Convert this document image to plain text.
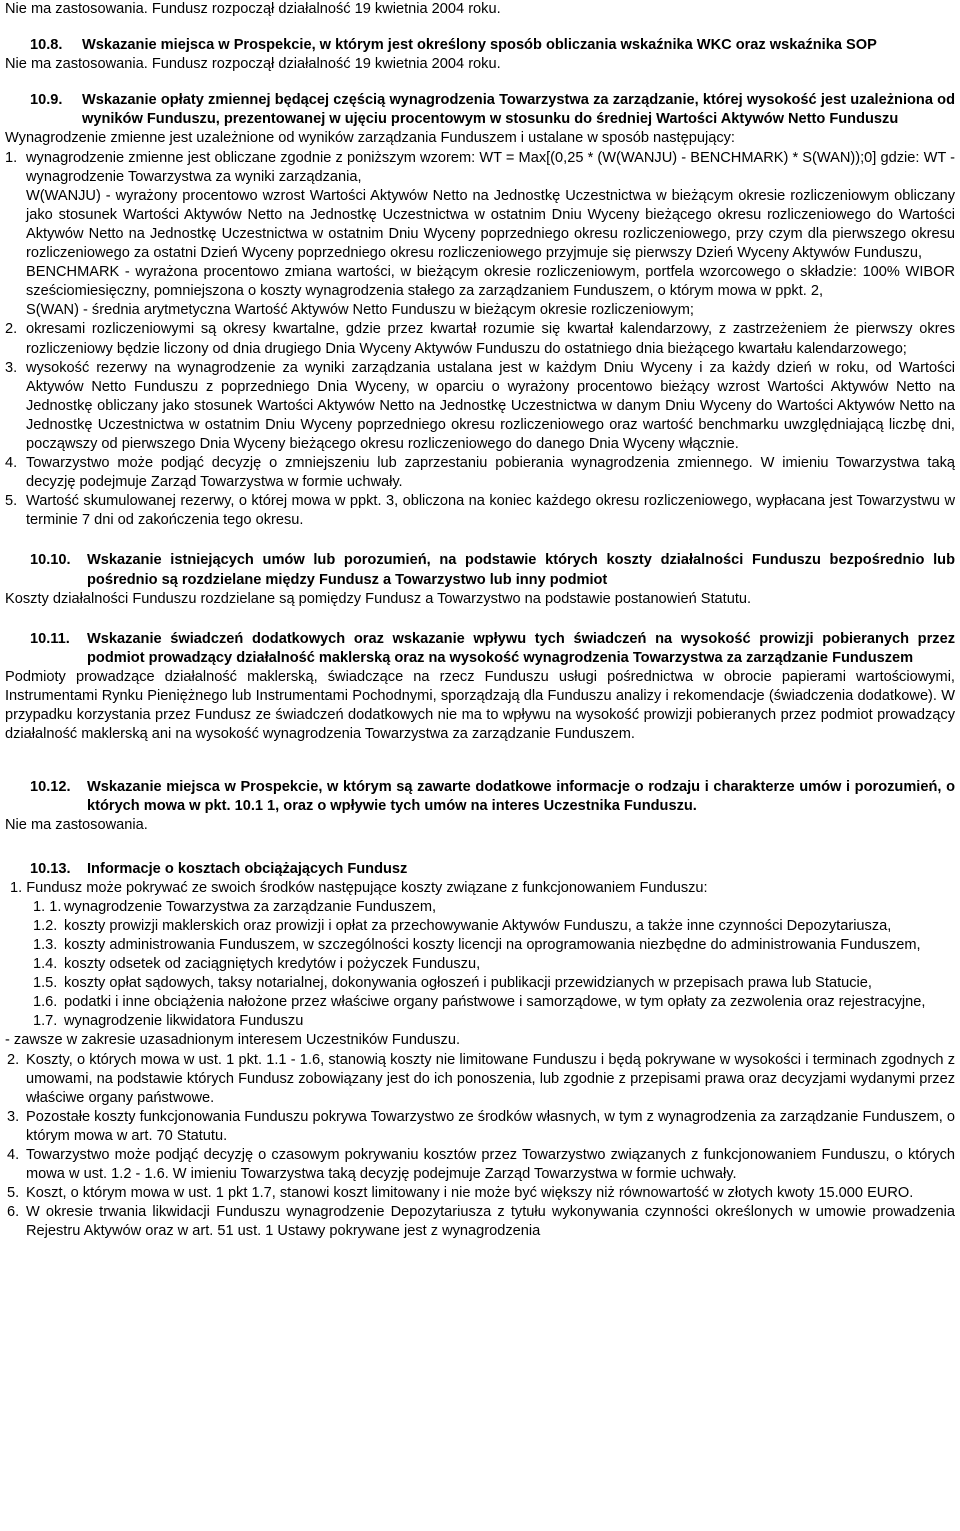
Nie ma zastosowania. Fundusz rozpoczął działalność 19 kwietnia 2004 roku.

10.8.	Wskazanie miejsca w Prospekcie, w którym jest określony sposób obliczania wskaźnika WKC oraz wskaźnika SOP

Nie ma zastosowania. Fundusz rozpoczął działalność 19 kwietnia 2004 roku.

10.9.	Wskazanie opłaty zmiennej będącej częścią wynagrodzenia Towarzystwa za zarządzanie, której wysokość jest uzależniona od wyników Funduszu, prezentowanej w ujęciu procentowym w stosunku do średniej Wartości Aktywów Netto Funduszu

Wynagrodzenie zmienne jest uzależnione od wyników zarządzania Funduszem i ustalane w sposób następujący:

1. wynagrodzenie zmienne jest obliczane zgodnie z poniższym wzorem: WT = Max[(0,25 * (W(WANJU) - BENCHMARK) * S(WAN));0] gdzie: WT - wynagrodzenie Towarzystwa za wyniki zarządzania,

W(WANJU) - wyrażony procentowo wzrost Wartości Aktywów Netto na Jednostkę Uczestnictwa w bieżącym okresie rozliczeniowym obliczany jako stosunek Wartości Aktywów Netto na Jednostkę Uczestnictwa w ostatnim Dniu Wyceny bieżącego okresu rozliczeniowego do Wartości Aktywów Netto na Jednostkę Uczestnictwa w ostatnim Dniu Wyceny poprzedniego okresu rozliczeniowego, przy czym dla pierwszego okresu rozliczeniowego za ostatni Dzień Wyceny poprzedniego okresu rozliczeniowego przyjmuje się pierwszy Dzień Wyceny Aktywów Funduszu,

BENCHMARK - wyrażona procentowo zmiana wartości, w bieżącym okresie rozliczeniowym, portfela wzorcowego o składzie: 100% WIBOR sześciomiesięczny, pomniejszona o koszty wynagrodzenia stałego za zarządzaniem Funduszem, o którym mowa w ppkt. 2,

S(WAN) - średnia arytmetyczna Wartość Aktywów Netto Funduszu w bieżącym okresie rozliczeniowym;

2. okresami rozliczeniowymi są okresy kwartalne, gdzie przez kwartał rozumie się kwartał kalendarzowy, z zastrzeżeniem że pierwszy okres rozliczeniowy będzie liczony od dnia drugiego Dnia Wyceny Aktywów Funduszu do ostatniego dnia bieżącego kwartału kalendarzowego;
3. wysokość rezerwy na wynagrodzenie za wyniki zarządzania ustalana jest w każdym Dniu Wyceny i za każdy dzień w roku, od Wartości Aktywów Netto Funduszu z poprzedniego Dnia Wyceny, w oparciu o wyrażony procentowo bieżący wzrost Wartości Aktywów Netto na Jednostkę obliczany jako stosunek Wartości Aktywów Netto na Jednostkę Uczestnictwa w danym Dniu Wyceny do Wartości Aktywów Netto na Jednostkę Uczestnictwa w ostatnim Dniu Wyceny poprzedniego okresu rozliczeniowego oraz wartość benchmarku uwzględniającą liczbę dni, począwszy od pierwszego Dnia Wyceny bieżącego okresu rozliczeniowego do danego Dnia Wyceny włącznie.
4. Towarzystwo może podjąć decyzję o zmniejszeniu lub zaprzestaniu pobierania wynagrodzenia zmiennego. W imieniu Towarzystwa taką decyzję podejmuje Zarząd Towarzystwa w formie uchwały.
5. Wartość skumulowanej rezerwy, o której mowa w ppkt. 3, obliczona na koniec każdego okresu rozliczeniowego, wypłacana jest Towarzystwu w terminie 7 dni od zakończenia tego okresu.
10.10.	Wskazanie istniejących umów lub porozumień, na podstawie których koszty działalności Funduszu bezpośrednio lub pośrednio są rozdzielane między Fundusz a Towarzystwo lub inny podmiot

Koszty działalności Funduszu rozdzielane są pomiędzy Fundusz a Towarzystwo na podstawie postanowień Statutu.

10.11.	Wskazanie świadczeń dodatkowych oraz wskazanie wpływu tych świadczeń na wysokość prowizji pobieranych przez podmiot prowadzący działalność maklerską oraz na wysokość wynagrodzenia Towarzystwa za zarządzanie Funduszem

Podmioty prowadzące działalność maklerską, świadczące na rzecz Funduszu usługi pośrednictwa w obrocie papierami wartościowymi, Instrumentami Rynku Pieniężnego lub Instrumentami Pochodnymi, sporządzają dla Funduszu analizy i rekomendacje (świadczenia dodatkowe). W przypadku korzystania przez Fundusz ze świadczeń dodatkowych nie ma to wpływu na wysokość prowizji pobieranych przez podmiot prowadzący działalność maklerską ani na wysokość wynagrodzenia Towarzystwa za zarządzanie Funduszem.

10.12.	Wskazanie miejsca w Prospekcie, w którym są zawarte dodatkowe informacje o rodzaju i charakterze umów i porozumień, o których mowa w pkt. 10.1 1, oraz o wpływie tych umów na interes Uczestnika Funduszu.

Nie ma zastosowania.

10.13.	Informacje o kosztach obciążających Fundusz

1. Fundusz może pokrywać ze swoich środków następujące koszty związane z funkcjonowaniem Funduszu:

1. 1. wynagrodzenie Towarzystwa za zarządzanie Funduszem,
1.2. koszty prowizji maklerskich oraz prowizji i opłat za przechowywanie Aktywów Funduszu, a także inne czynności Depozytariusza,
1.3. koszty administrowania Funduszem, w szczególności koszty licencji na oprogramowania niezbędne do administrowania Funduszem,
1.4. koszty odsetek od zaciągniętych kredytów i pożyczek Funduszu,
1.5. koszty opłat sądowych, taksy notarialnej, dokonywania ogłoszeń i publikacji przewidzianych w przepisach prawa lub Statucie,
1.6. podatki i inne obciążenia nałożone przez właściwe organy państwowe i samorządowe, w tym opłaty za zezwolenia oraz rejestracyjne,
1.7. wynagrodzenie likwidatora Funduszu

- zawsze w zakresie uzasadnionym interesem Uczestników Funduszu.

2. Koszty, o których mowa w ust. 1 pkt. 1.1 - 1.6, stanowią koszty nie limitowane Funduszu i będą pokrywane w wysokości i terminach zgodnych z umowami, na podstawie których Fundusz zobowiązany jest do ich ponoszenia, lub zgodnie z przepisami prawa oraz decyzjami wydanymi przez właściwe organy państwowe.
3. Pozostałe koszty funkcjonowania Funduszu pokrywa Towarzystwo ze środków własnych, w tym z wynagrodzenia za zarządzanie Funduszem, o którym mowa w art. 70 Statutu.
4. Towarzystwo może podjąć decyzję o czasowym pokrywaniu kosztów przez Towarzystwo związanych z funkcjonowaniem Funduszu, o których mowa w ust. 1.2 - 1.6. W imieniu Towarzystwa taką decyzję podejmuje Zarząd Towarzystwa w formie uchwały.
5. Koszt, o którym mowa w ust. 1 pkt 1.7, stanowi koszt limitowany i nie może być większy niż równowartość w złotych kwoty 15.000 EURO.
6. W okresie trwania likwidacji Funduszu wynagrodzenie Depozytariusza z tytułu wykonywania czynności określonych w umowie prowadzenia Rejestru Aktywów oraz w art. 51 ust. 1 Ustawy pokrywane jest z wynagrodzenia
